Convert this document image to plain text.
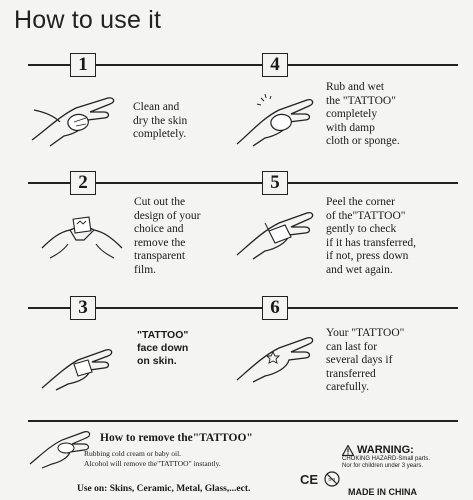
How to use it
1	4
2	5
3	6
Clean and
dry the skin
completely.
Rub and wet
the "TATTOO"
completely
with damp
cloth or sponge.
Cut out the
design of your
choice and
remove the
transparent
film.
Peel the corner
of the"TATTOO"
gently to check
if it has transferred,
if not, press down
and wet again.
"TATTOO"
face down
on skin.
Your "TATTOO"
can last for
several days if
transferred
carefully.
How to remove the"TATTOO"
Rubbing cold cream or baby oil.
Alcohol will remove the"TATTOO" instantly.
Use on: Skins, Ceramic, Metal, Glass,...ect.
CE 0-3
WARNING:
CHOKING HAZARD-Small parts.
Nor for children under 3 years.
MADE IN CHINA
